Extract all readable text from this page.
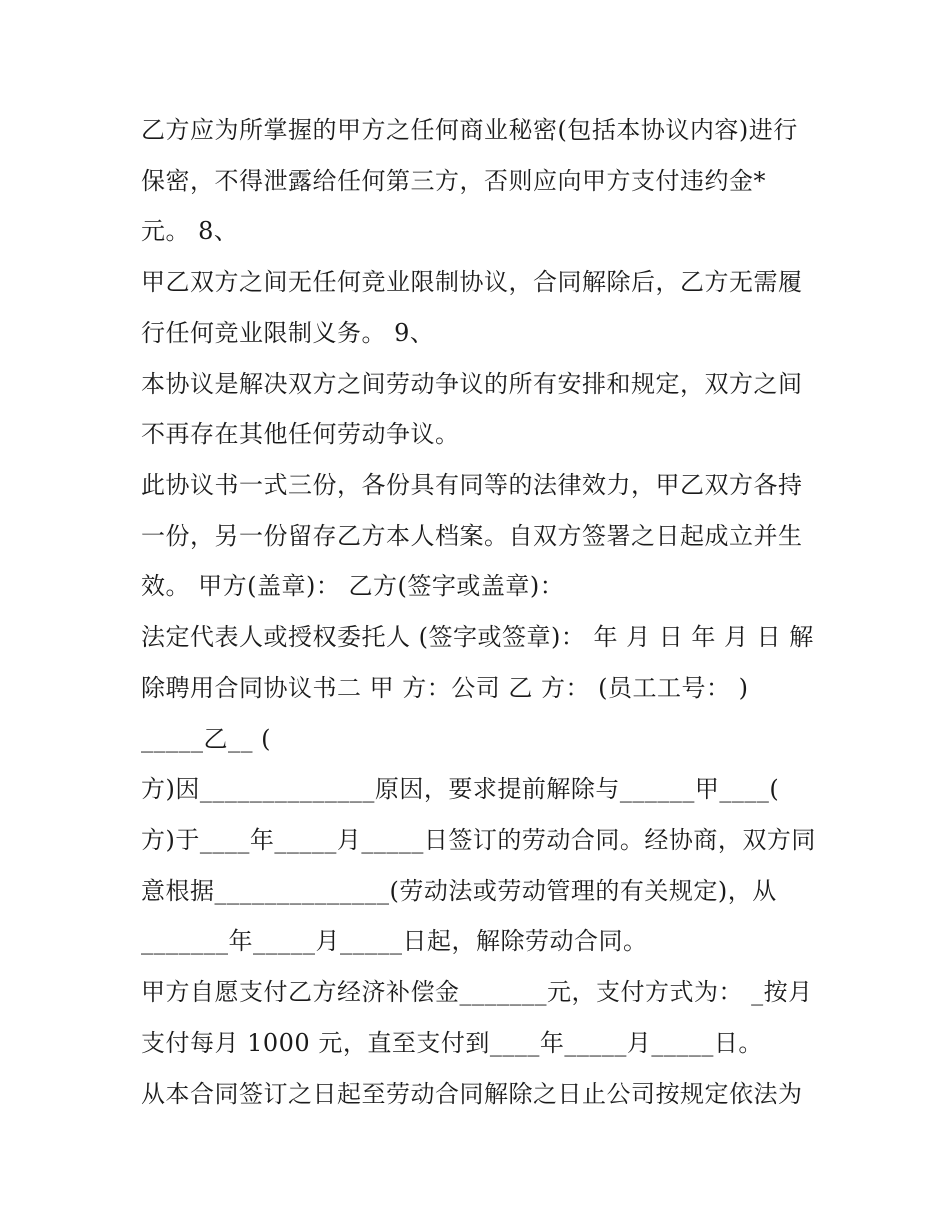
乙方应为所掌握的甲方之任何商业秘密(包括本协议内容)进行
保密，不得泄露给任何第三方，否则应向甲方支付违约金*
元。 8、
甲乙双方之间无任何竞业限制协议，合同解除后，乙方无需履
行任何竞业限制义务。 9、
本协议是解决双方之间劳动争议的所有安排和规定，双方之间
不再存在其他任何劳动争议。
此协议书一式三份，各份具有同等的法律效力，甲乙双方各持
一份，另一份留存乙方本人档案。自双方签署之日起成立并生
效。 甲方(盖章)： 乙方(签字或盖章)：
法定代表人或授权委托人 (签字或签章)： 年 月 日 年 月 日 解
除聘用合同协议书二 甲 方：公司 乙 方： (员工工号： )
_____乙__ (
方)因______________原因，要求提前解除与______甲____(
方)于____年_____月_____日签订的劳动合同。经协商，双方同
意根据______________(劳动法或劳动管理的有关规定)，从
_______年_____月_____日起，解除劳动合同。
甲方自愿支付乙方经济补偿金_______元，支付方式为： _按月
支付每月 1000 元，直至支付到____年_____月_____日。
从本合同签订之日起至劳动合同解除之日止公司按规定依法为
